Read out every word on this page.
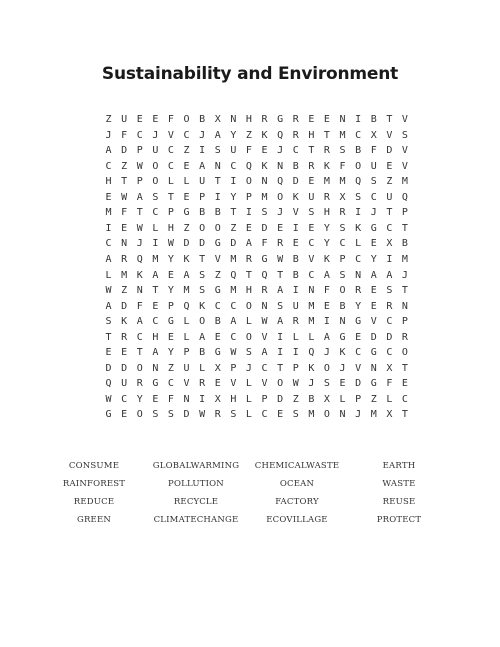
Sustainability and Environment
Z U E E F O B X N H R G R E E N I B T V
J F C J V C J A Y Z K Q R H T M C X V S
A D P U C Z I S U F E J C T R S B F D V
C Z W O C E A N C Q K N B R K F O U E V
H T P O L L U T I O N Q D E M M Q S Z M
E W A S T E P I Y P M O K U R X S C U Q
M F T C P G B B T I S J V S H R I J T P
I E W L H Z O O Z E D E I E Y S K G C T
C N J I W D D G D A F R E C Y C L E X B
A R Q M Y K T V M R G W B V K P C Y I M
L M K A E A S Z Q T Q T B C A S N A A J
W Z N T Y M S G M H R A I N F O R E S T
A D F E P Q K C C O N S U M E B Y E R N
S K A C G L O B A L W A R M I N G V C P
T R C H E L A E C O V I L L A G E D D R
E E T A Y P B G W S A I I Q J K C G C O
D D O N Z U L X P J C T P K O J V N X T
Q U R G C V R E V L V O W J S E D G F E
W C Y E F N I X H L P D Z B X L P Z L C
G E O S S D W R S L C E S M O N J M X T
CONSUME	GLOBALWARMING	CHEMICALWASTE	EARTH
RAINFOREST	POLLUTION	OCEAN	WASTE
REDUCE	RECYCLE	FACTORY	REUSE
GREEN	CLIMATECHANGE	ECOVILLAGE	PROTECT
